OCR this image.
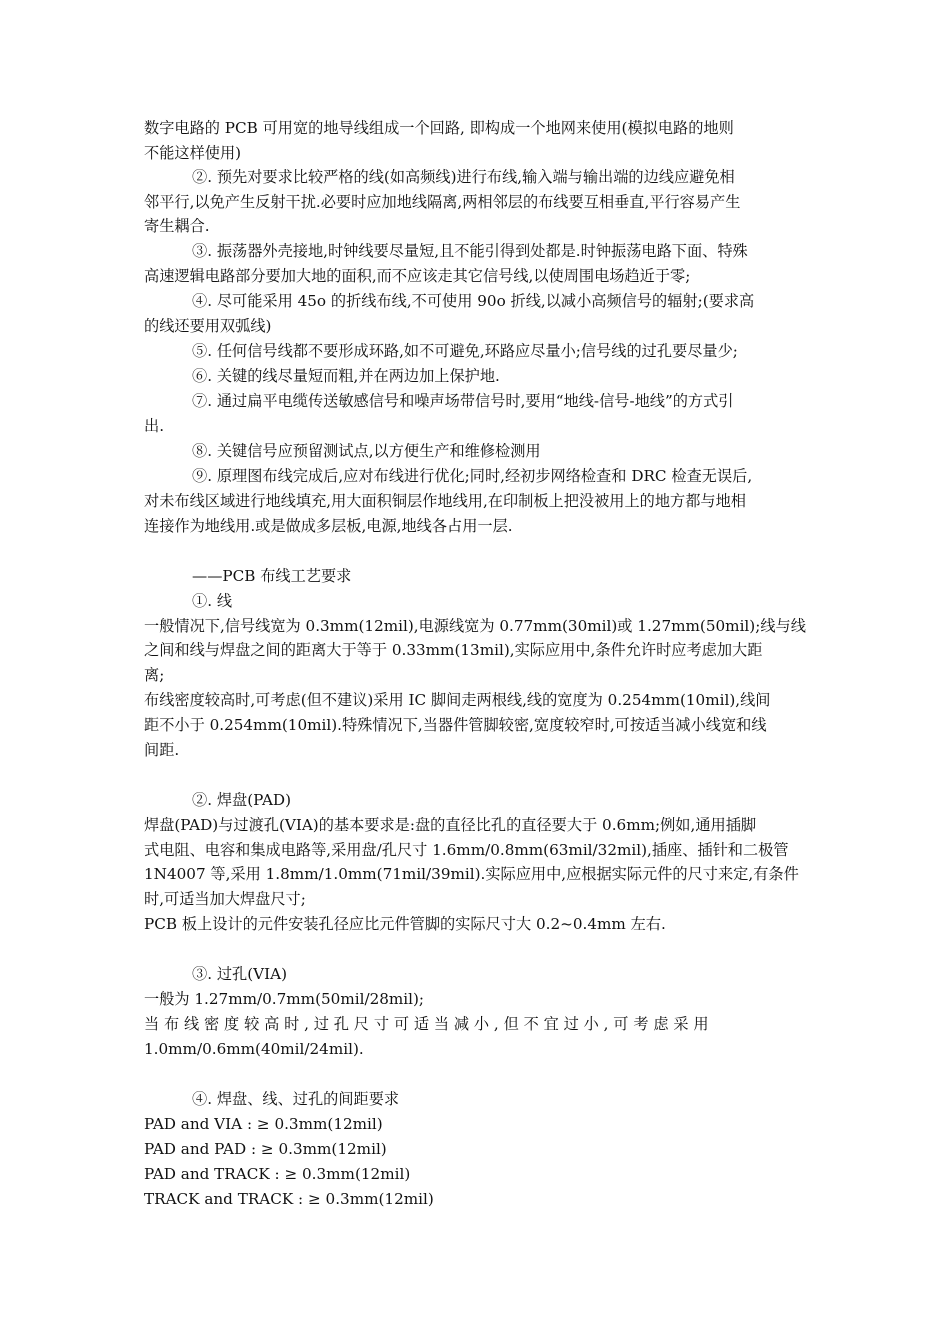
数字电路的 PCB 可用宽的地导线组成一个回路, 即构成一个地网来使用(模拟电路的地则
不能这样使用)
②. 预先对要求比较严格的线(如高频线)进行布线,输入端与输出端的边线应避免相
邻平行,以免产生反射干扰.必要时应加地线隔离,两相邻层的布线要互相垂直,平行容易产生
寄生耦合.
③. 振荡器外壳接地,时钟线要尽量短,且不能引得到处都是.时钟振荡电路下面、特殊
高速逻辑电路部分要加大地的面积,而不应该走其它信号线,以使周围电场趋近于零;
④. 尽可能采用 45o 的折线布线,不可使用 90o 折线,以减小高频信号的辐射;(要求高
的线还要用双弧线)
⑤. 任何信号线都不要形成环路,如不可避免,环路应尽量小;信号线的过孔要尽量少;
⑥. 关键的线尽量短而粗,并在两边加上保护地.
⑦. 通过扁平电缆传送敏感信号和噪声场带信号时,要用“地线-信号-地线”的方式引
出.
⑧. 关键信号应预留测试点,以方便生产和维修检测用
⑨. 原理图布线完成后,应对布线进行优化;同时,经初步网络检查和 DRC 检查无误后,
对未布线区域进行地线填充,用大面积铜层作地线用,在印制板上把没被用上的地方都与地相
连接作为地线用.或是做成多层板,电源,地线各占用一层.
——PCB 布线工艺要求
①. 线
一般情况下,信号线宽为 0.3mm(12mil),电源线宽为 0.77mm(30mil)或 1.27mm(50mil);线与线
之间和线与焊盘之间的距离大于等于 0.33mm(13mil),实际应用中,条件允许时应考虑加大距
离;
布线密度较高时,可考虑(但不建议)采用 IC 脚间走两根线,线的宽度为 0.254mm(10mil),线间
距不小于 0.254mm(10mil).特殊情况下,当器件管脚较密,宽度较窄时,可按适当减小线宽和线
间距.
②. 焊盘(PAD)
焊盘(PAD)与过渡孔(VIA)的基本要求是:盘的直径比孔的直径要大于 0.6mm;例如,通用插脚
式电阻、电容和集成电路等,采用盘/孔尺寸 1.6mm/0.8mm(63mil/32mil),插座、插针和二极管
1N4007 等,采用 1.8mm/1.0mm(71mil/39mil).实际应用中,应根据实际元件的尺寸来定,有条件
时,可适当加大焊盘尺寸;
PCB 板上设计的元件安装孔径应比元件管脚的实际尺寸大 0.2~0.4mm 左右.
③. 过孔(VIA)
一般为 1.27mm/0.7mm(50mil/28mil);
当 布 线 密 度 较 高 时 , 过 孔 尺 寸 可 适 当 减 小 , 但 不 宜 过 小 , 可 考 虑 采 用
1.0mm/0.6mm(40mil/24mil).
④. 焊盘、线、过孔的间距要求
PAD and VIA : ≥ 0.3mm(12mil)
PAD and PAD : ≥ 0.3mm(12mil)
PAD and TRACK : ≥ 0.3mm(12mil)
TRACK and TRACK : ≥ 0.3mm(12mil)
